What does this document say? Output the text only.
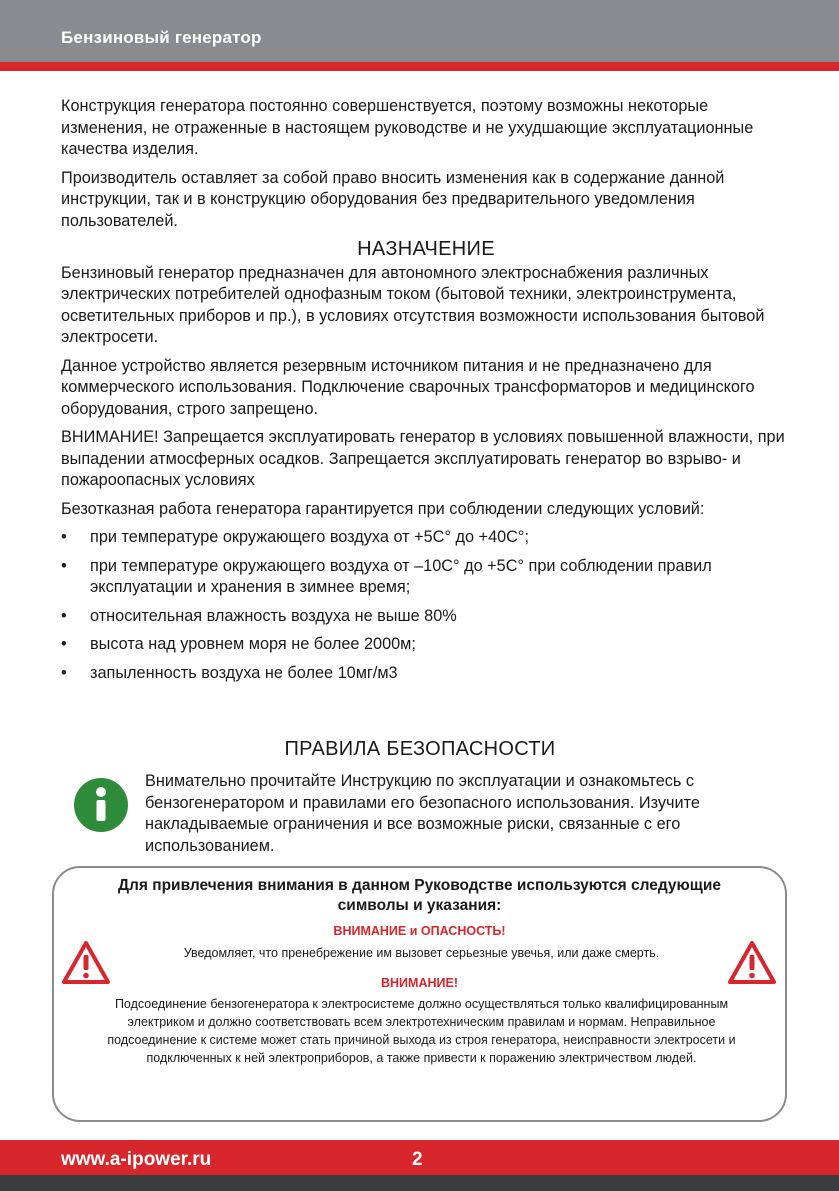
Бензиновый генератор

Конструкция генератора постоянно совершенствуется, поэтому возможны некоторые изменения, не отраженные в настоящем руководстве и не ухудшающие эксплуатационные качества изделия.

Производитель оставляет за собой право вносить изменения как в содержание данной инструкции, так и в конструкцию оборудования без предварительного уведомления пользователей.

НАЗНАЧЕНИЕ

Бензиновый генератор предназначен для автономного электроснабжения различных электрических потребителей однофазным током (бытовой техники, электроинструмента, осветительных приборов и пр.), в условиях отсутствия возможности использования бытовой электросети.

Данное устройство является резервным источником питания и не предназначено для коммерческого использования. Подключение сварочных трансформаторов и медицинского оборудования, строго запрещено.

ВНИМАНИЕ! Запрещается эксплуатировать генератор в условиях повышенной влажности, при выпадении атмосферных осадков. Запрещается эксплуатировать генератор во взрыво- и пожароопасных условиях

Безотказная работа генератора гарантируется при соблюдении следующих условий:

• при температуре окружающего воздуха от +5С° до +40С°;
• при температуре окружающего воздуха от –10С° до +5С° при соблюдении правил эксплуатации и хранения в зимнее время;
• относительная влажность воздуха не выше 80%
• высота над уровнем моря не более 2000м;
• запыленность воздуха не более 10мг/м3
ПРАВИЛА БЕЗОПАСНОСТИ

Внимательно прочитайте Инструкцию по эксплуатации и ознакомьтесь с бензогенератором и правилами его безопасного использования. Изучите накладываемые ограничения и все возможные риски, связанные с его использованием.

Для привлечения внимания в данном Руководстве используются следующие символы и указания:
ВНИМАНИЕ и ОПАСНОСТЬ!
Уведомляет, что пренебрежение им вызовет серьезные увечья, или даже смерть.
ВНИМАНИЕ!
Подсоединение бензогенератора к электросистеме должно осуществляться только квалифицированным электриком и должно соответствовать всем электротехническим правилам и нормам. Неправильное подсоединение к системе может стать причиной выхода из строя генератора, неисправности электросети и подключенных к ней электроприборов, а также привести к поражению электричеством людей.
www.a-ipower.ru	2
